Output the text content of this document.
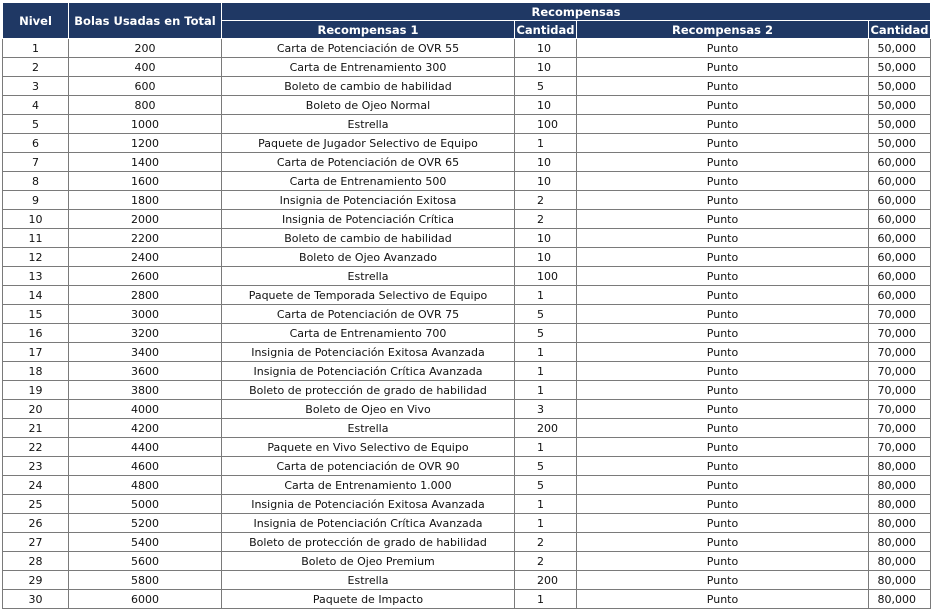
Nivel	Bolas Usadas en Total	Recompensas			
		Recompensas 1	Cantidad	Recompensas 2	Cantidad
1	200	Carta de Potenciación de OVR 55	10	Punto	50,000
2	400	Carta de Entrenamiento 300	10	Punto	50,000
3	600	Boleto de cambio de habilidad	5	Punto	50,000
4	800	Boleto de Ojeo Normal	10	Punto	50,000
5	1000	Estrella	100	Punto	50,000
6	1200	Paquete de Jugador Selectivo de Equipo	1	Punto	50,000
7	1400	Carta de Potenciación de OVR 65	10	Punto	60,000
8	1600	Carta de Entrenamiento 500	10	Punto	60,000
9	1800	Insignia de Potenciación Exitosa	2	Punto	60,000
10	2000	Insignia de Potenciación Crítica	2	Punto	60,000
11	2200	Boleto de cambio de habilidad	10	Punto	60,000
12	2400	Boleto de Ojeo Avanzado	10	Punto	60,000
13	2600	Estrella	100	Punto	60,000
14	2800	Paquete de Temporada Selectivo de Equipo	1	Punto	60,000
15	3000	Carta de Potenciación de OVR 75	5	Punto	70,000
16	3200	Carta de Entrenamiento 700	5	Punto	70,000
17	3400	Insignia de Potenciación Exitosa Avanzada	1	Punto	70,000
18	3600	Insignia de Potenciación Crítica Avanzada	1	Punto	70,000
19	3800	Boleto de protección de grado de habilidad	1	Punto	70,000
20	4000	Boleto de Ojeo en Vivo	3	Punto	70,000
21	4200	Estrella	200	Punto	70,000
22	4400	Paquete en Vivo Selectivo de Equipo	1	Punto	70,000
23	4600	Carta de potenciación de OVR 90	5	Punto	80,000
24	4800	Carta de Entrenamiento 1.000	5	Punto	80,000
25	5000	Insignia de Potenciación Exitosa Avanzada	1	Punto	80,000
26	5200	Insignia de Potenciación Crítica Avanzada	1	Punto	80,000
27	5400	Boleto de protección de grado de habilidad	2	Punto	80,000
28	5600	Boleto de Ojeo Premium	2	Punto	80,000
29	5800	Estrella	200	Punto	80,000
30	6000	Paquete de Impacto	1	Punto	80,000
